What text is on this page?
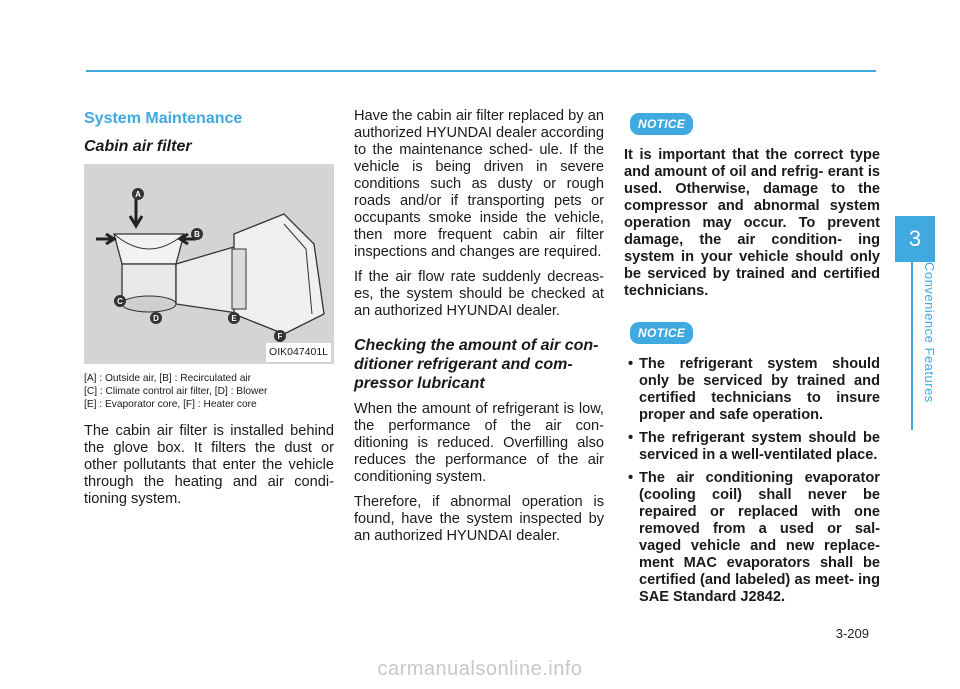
System Maintenance
Cabin air filter
A
B
C
D	E
F
OIK047401L
[A] : Outside air, [B] : Recirculated air
[C] : Climate control air filter, [D] : Blower
[E] : Evaporator core, [F] : Heater core

The cabin air filter is installed behind the glove box. It filters the dust or other pollutants that enter the vehicle through the heating and air condi- tioning system.

Have the cabin air filter replaced by an authorized HYUNDAI dealer according to the maintenance sched- ule. If the vehicle is being driven in severe conditions such as dusty or rough roads and/or if transporting pets or occupants smoke inside the vehicle, then more frequent cabin air filter inspections and changes are required.

If the air flow rate suddenly decreas- es, the system should be checked at an authorized HYUNDAI dealer.

Checking the amount of air con- ditioner refrigerant and com- pressor lubricant

When the amount of refrigerant is low, the performance of the air con- ditioning is reduced. Overfilling also reduces the performance of the air conditioning system.

Therefore, if abnormal operation is found, have the system inspected by an authorized HYUNDAI dealer.

NOTICE

It is important that the correct type and amount of oil and refrig- erant is used. Otherwise, damage to the compressor and abnormal system operation may occur. To prevent damage, the air condition- ing system in your vehicle should only be serviced by trained and certified technicians.

NOTICE
• The refrigerant system should only be serviced by trained and certified technicians to insure proper and safe operation.
• The refrigerant system should be serviced in a well-ventilated place.
• The air conditioning evaporator (cooling coil) shall never be repaired or replaced with one removed from a used or sal- vaged vehicle and new replace- ment MAC evaporators shall be certified (and labeled) as meet- ing SAE Standard J2842.
3
Convenience Features
3-209
carmanualsonline.info
